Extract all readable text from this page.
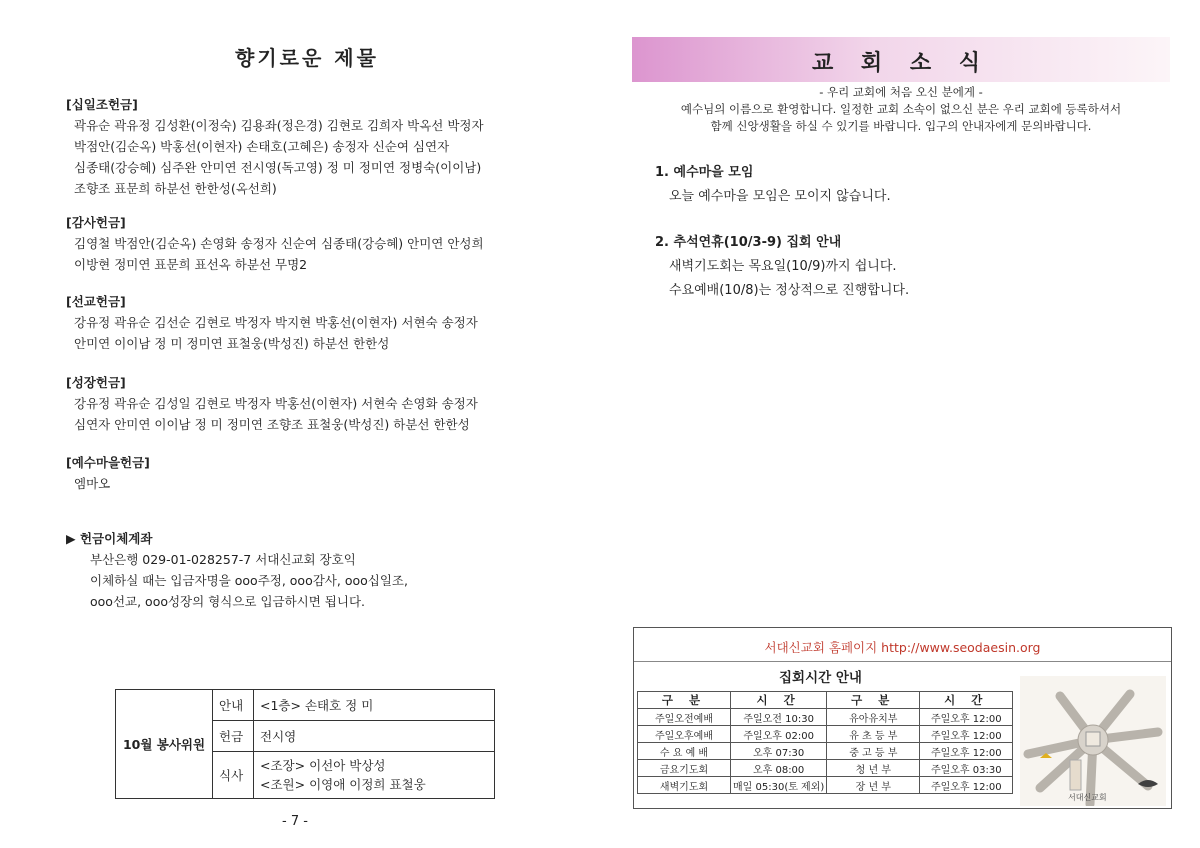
향기로운 제물
[십일조헌금]
곽유순 곽유정 김성환(이정숙) 김용좌(정은경) 김현로 김희자 박옥선 박정자
박점안(김순옥) 박홍선(이현자) 손태호(고혜은) 송정자 신순여 심연자
심종태(강승혜) 심주완 안미연 전시영(독고영) 정 미 정미연 정병숙(이이남)
조향조 표문희 하분선 한한성(옥선희)
[감사헌금]
김영철 박점안(김순옥) 손영화 송정자 신순여 심종태(강승혜) 안미연 안성희
이방현 정미연 표문희 표선옥 하분선 무명2
[선교헌금]
강유정 곽유순 김선순 김현로 박정자 박지현 박홍선(이현자) 서현숙 송정자
안미연 이이남 정 미 정미연 표철웅(박성진) 하분선 한한성
[성장헌금]
강유정 곽유순 김성일 김현로 박정자 박홍선(이현자) 서현숙 손영화 송정자
심연자 안미연 이이남 정 미 정미연 조향조 표철웅(박성진) 하분선 한한성
[예수마을헌금]
엠마오
▶ 헌금이체계좌
부산은행 029-01-028257-7 서대신교회 장호익
이체하실 때는 입금자명을 ooo주정, ooo감사, ooo십일조,
ooo선교, ooo성장의 형식으로 입금하시면 됩니다.
10월 봉사위원	안내	<1층> 손태호 정 미
	헌금	전시영
	식사	<조장> 이선아 박상성
<조원> 이영애 이정희 표철웅
- 7 -
교 회 소 식
- 우리 교회에 처음 오신 분에게 -
예수님의 이름으로 환영합니다. 일정한 교회 소속이 없으신 분은 우리 교회에 등록하셔서
함께 신앙생활을 하실 수 있기를 바랍니다. 입구의 안내자에게 문의바랍니다.
1. 예수마을 모임
오늘 예수마을 모임은 모이지 않습니다.
2. 추석연휴(10/3-9) 집회 안내
새벽기도회는 목요일(10/9)까지 쉽니다.
수요예배(10/8)는 정상적으로 진행합니다.
서대신교회 홈페이지 http://www.seodaesin.org
집회시간 안내
구 분	시 간	구 분	시 간
주일오전예배	주일오전 10:30	유아유치부	주일오후 12:00
주일오후예배	주일오후 02:00	유 초 등 부	주일오후 12:00
수 요 예 배	오후 07:30	중 고 등 부	주일오후 12:00
금요기도회	오후 08:00	청 년 부	주일오후 03:30
새벽기도회	매일 05:30(토 제외)	장 년 부	주일오후 12:00
서대신교회
